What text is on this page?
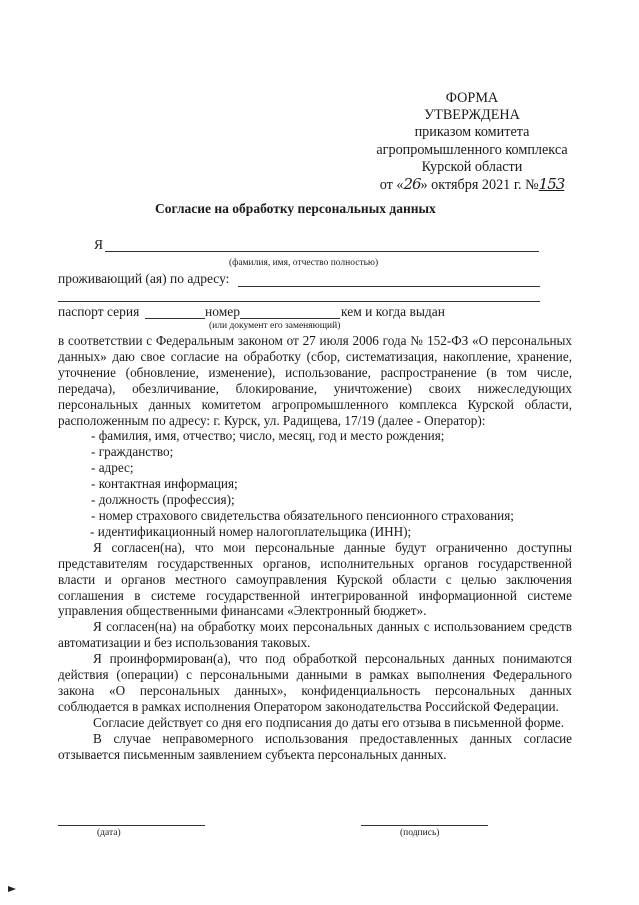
ФОРМА
УТВЕРЖДЕНА
приказом комитета
агропромышленного комплекса
Курской области
от «26» октября 2021 г. №153
Согласие на обработку персональных данных
Я
(фамилия, имя, отчество полностью)
проживающий (ая) по адресу:
паспорт серия	номер	кем и когда выдан
(или документ его заменяющий)

в соответствии с Федеральным законом от 27 июля 2006 года № 152-ФЗ «О персональных данных» даю свое согласие на обработку (сбор, систематизация, накопление, хранение, уточнение (обновление, изменение), использование, распространение (в том числе, передача), обезличивание, блокирование, уничтожение) своих нижеследующих персональных данных комитетом агропромышленного комплекса Курской области, расположенным по адресу: г. Курск, ул. Радищева, 17/19 (далее - Оператор):

- фамилия, имя, отчество; число, месяц, год и место рождения;

- гражданство;

- адрес;

- контактная информация;

- должность (профессия);

- номер страхового свидетельства обязательного пенсионного страхования;

- идентификационный номер налогоплательщика (ИНН);

Я согласен(на), что мои персональные данные будут ограниченно доступны представителям государственных органов, исполнительных органов государственной власти и органов местного самоуправления Курской области с целью заключения соглашения в системе государственной интегрированной информационной системе управления общественными финансами «Электронный бюджет».

Я согласен(на) на обработку моих персональных данных с использованием средств автоматизации и без использования таковых.

Я проинформирован(а), что под обработкой персональных данных понимаются действия (операции) с персональными данными в рамках выполнения Федерального закона «О персональных данных», конфиденциальность персональных данных соблюдается в рамках исполнения Оператором законодательства Российской Федерации.

Согласие действует со дня его подписания до даты его отзыва в письменной форме.

В случае неправомерного использования предоставленных данных согласие отзывается письменным заявлением субъекта персональных данных.

(дата)	(подпись)
